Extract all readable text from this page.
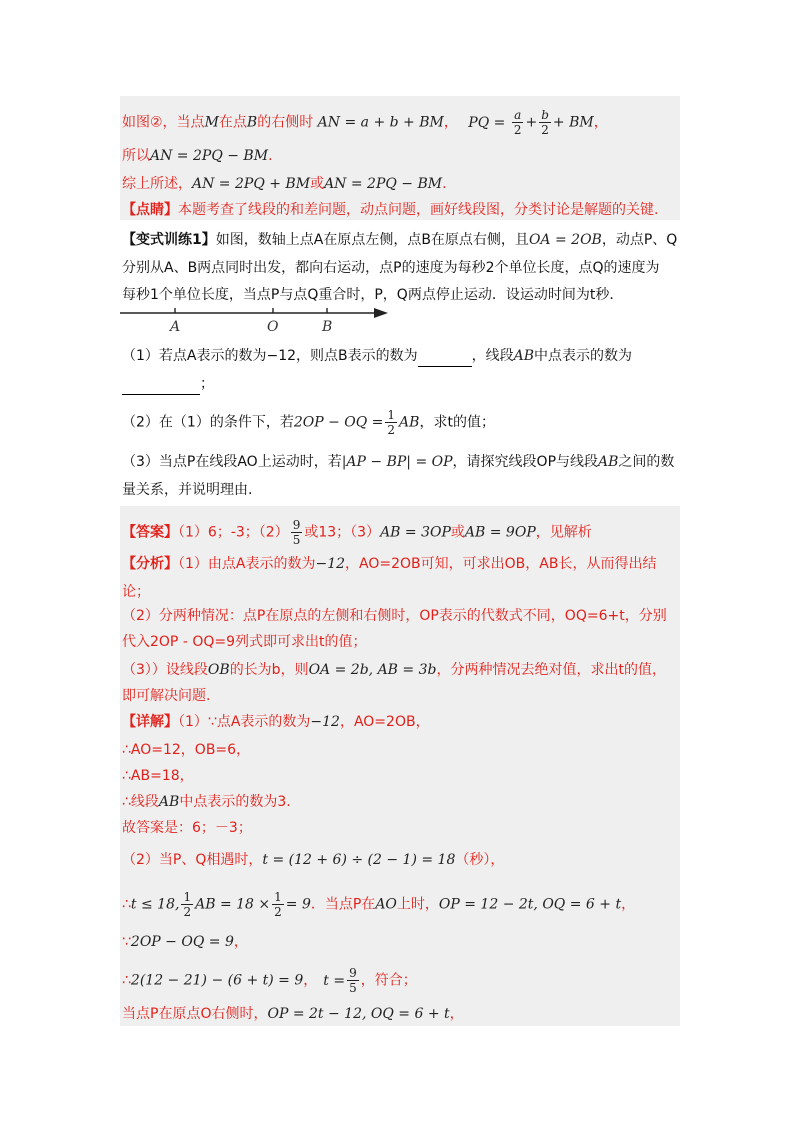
如图②，当点M在点B的右侧时 AN = a + b + BM， PQ = $\frac{a}{2} + \frac{b}{2}$ + BM，
所以AN = 2PQ − BM.
综上所述，AN = 2PQ + BM或AN = 2PQ − BM.
【点睛】本题考查了线段的和差问题，动点问题，画好线段图，分类讨论是解题的关键.
【变式训练1】如图，数轴上点A在原点左侧，点B在原点右侧，且OA = 2OB，动点P、Q
分别从A、B两点同时出发，都向右运动，点P的速度为每秒2个单位长度，点Q的速度为
每秒1个单位长度，当点P与点Q重合时，P，Q两点停止运动．设运动时间为t秒．
A	O	B
（1）若点A表示的数为−12，则点B表示的数为	，线段AB中点表示的数为
；
（2）在（1）的条件下，若2OP − OQ = $\frac{1}{2}$ AB，求t的值；
（3）当点P在线段AO上运动时，若|AP − BP| = OP，请探究线段OP与线段AB之间的数
量关系，并说明理由.
【答案】（1）6；-3；$(2) \frac{9}{5}$ 或13；（3）AB = 3OP或AB = 9OP，见解析
【分析】（1）由点A表示的数为−12，AO=2OB可知，可求出OB，AB长，从而得出结
论；
（2）分两种情况：点P在原点的左侧和右侧时，OP表示的代数式不同，OQ=6+t，分别
代入2OP - OQ=9列式即可求出t的值；
（3））设线段OB的长为b，则OA = 2b, AB = 3b，分两种情况去绝对值，求出t的值，
即可解决问题.
【详解】（1）∵点A表示的数为−12，AO=2OB，
∴AO=12，OB=6，
∴AB=18，
∴线段AB中点表示的数为3.
故答案是：6；－3；
（2）当P、Q相遇时，t = (12 + 6) ÷ (2 − 1) = 18（秒），
∴t ≤ 18, $\frac{1}{2}$ AB = $18 \times \frac{1}{2} = 9$．当点P在AO上时，OP = 12 − 2t, OQ = 6 + t，
∵2OP − OQ = 9，
∴2(12 − 21) − (6 + t) = 9， $t = \frac{9}{5}$ ，符合；
当点P在原点O右侧时，OP = 2t − 12, OQ = 6 + t，
